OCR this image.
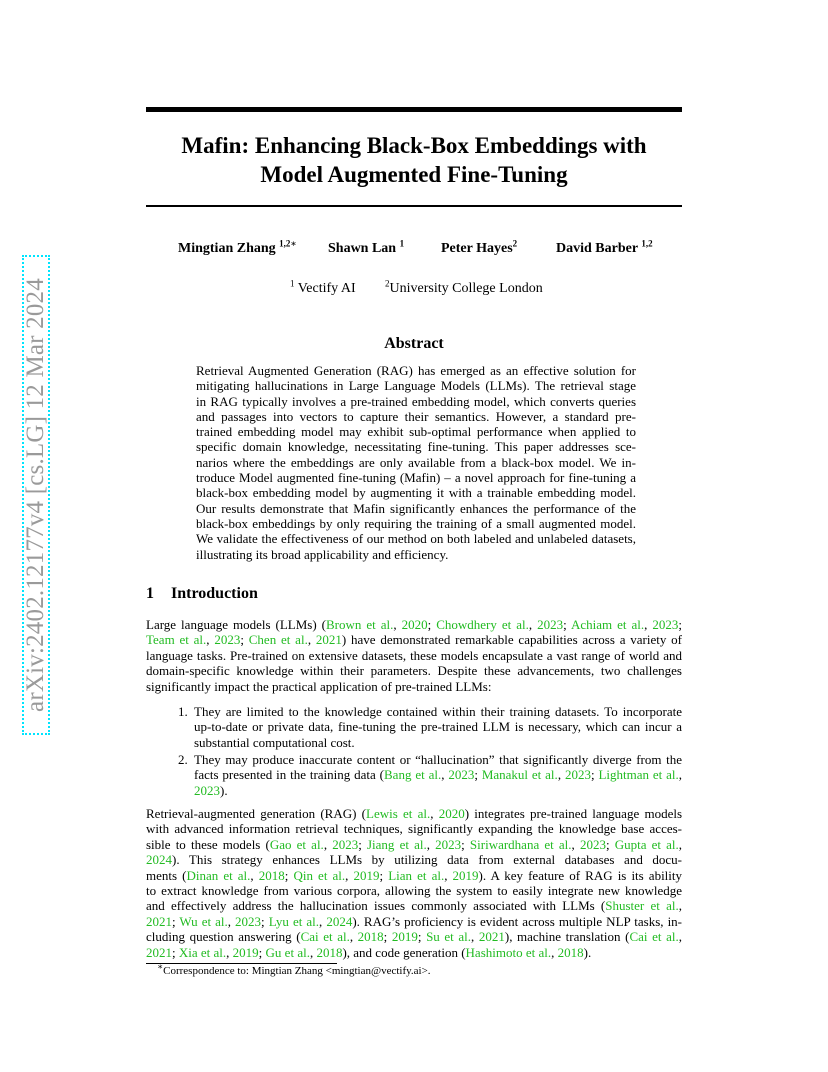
arXiv:2402.12177v4 [cs.LG] 12 Mar 2024
Mafin: Enhancing Black-Box Embeddings with
Model Augmented Fine-Tuning
Mingtian Zhang $^{1,2∗}$ Shawn Lan $^1$	Peter Hayes$^2$	David Barber $^{1,2}$
$^1$ Vectify AI	$^2$University College London
Abstract
Retrieval Augmented Generation (RAG) has emerged as an effective solution for
mitigating hallucinations in Large Language Models (LLMs). The retrieval stage
in RAG typically involves a pre-trained embedding model, which converts queries
and passages into vectors to capture their semantics. However, a standard pre-
trained embedding model may exhibit sub-optimal performance when applied to
specific domain knowledge, necessitating fine-tuning. This paper addresses sce-
narios where the embeddings are only available from a black-box model. We in-
troduce Model augmented fine-tuning (Mafin) – a novel approach for fine-tuning a
black-box embedding model by augmenting it with a trainable embedding model.
Our results demonstrate that Mafin significantly enhances the performance of the
black-box embeddings by only requiring the training of a small augmented model.
We validate the effectiveness of our method on both labeled and unlabeled datasets,
illustrating its broad applicability and efficiency.
1 Introduction
Large language models (LLMs) (Brown et al., 2020; Chowdhery et al., 2023; Achiam et al., 2023;
Team et al., 2023; Chen et al., 2021) have demonstrated remarkable capabilities across a variety of
language tasks. Pre-trained on extensive datasets, these models encapsulate a vast range of world and
domain-specific knowledge within their parameters. Despite these advancements, two challenges
significantly impact the practical application of pre-trained LLMs:
1. They are limited to the knowledge contained within their training datasets. To incorporate
up-to-date or private data, fine-tuning the pre-trained LLM is necessary, which can incur a
substantial computational cost.
2. They may produce inaccurate content or “hallucination” that significantly diverge from the
facts presented in the training data (Bang et al., 2023; Manakul et al., 2023; Lightman et al.,
2023).
Retrieval-augmented generation (RAG) (Lewis et al., 2020) integrates pre-trained language models
with advanced information retrieval techniques, significantly expanding the knowledge base acces-
sible to these models (Gao et al., 2023; Jiang et al., 2023; Siriwardhana et al., 2023; Gupta et al.,
2024). This strategy enhances LLMs by utilizing data from external databases and docu-
ments (Dinan et al., 2018; Qin et al., 2019; Lian et al., 2019). A key feature of RAG is its ability
to extract knowledge from various corpora, allowing the system to easily integrate new knowledge
and effectively address the hallucination issues commonly associated with LLMs (Shuster et al.,
2021; Wu et al., 2023; Lyu et al., 2024). RAG’s proficiency is evident across multiple NLP tasks, in-
cluding question answering (Cai et al., 2018; 2019; Su et al., 2021), machine translation (Cai et al.,
2021; Xia et al., 2019; Gu et al., 2018), and code generation (Hashimoto et al., 2018).
∗Correspondence to: Mingtian Zhang <mingtian@vectify.ai>.
